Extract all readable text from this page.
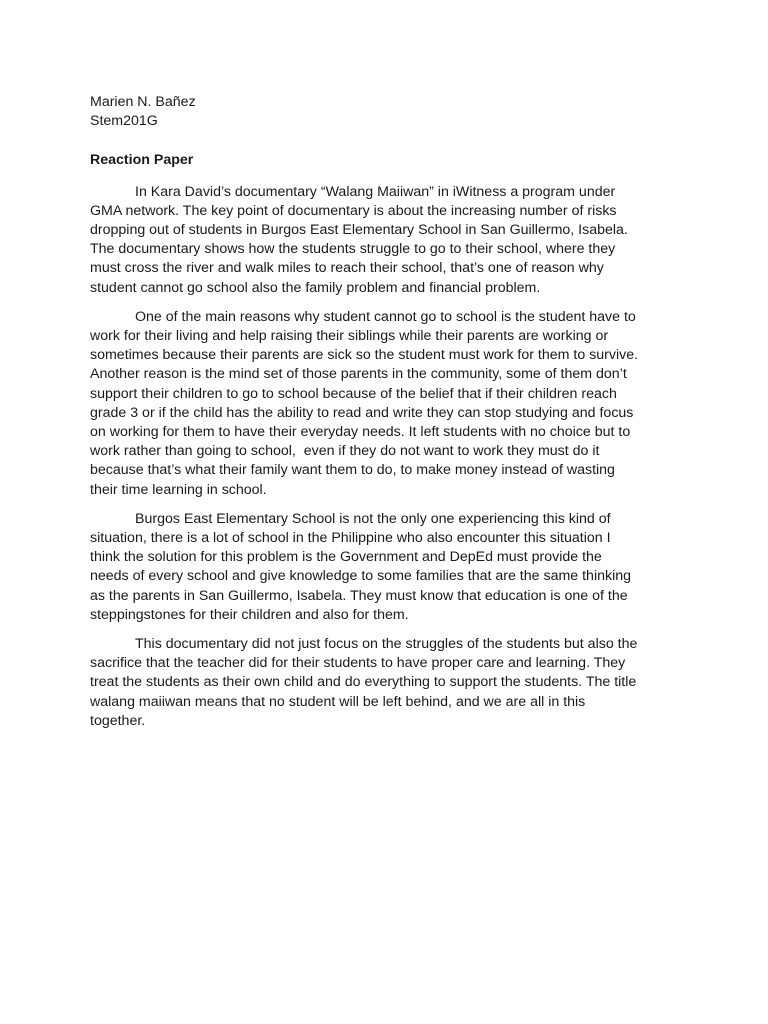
Marien N. Bañez

Stem201G

Reaction Paper

In Kara David’s documentary “Walang Maiiwan” in iWitness a program under
GMA network. The key point of documentary is about the increasing number of risks
dropping out of students in Burgos East Elementary School in San Guillermo, Isabela.
The documentary shows how the students struggle to go to their school, where they
must cross the river and walk miles to reach their school, that’s one of reason why
student cannot go school also the family problem and financial problem.

One of the main reasons why student cannot go to school is the student have to
work for their living and help raising their siblings while their parents are working or
sometimes because their parents are sick so the student must work for them to survive.
Another reason is the mind set of those parents in the community, some of them don’t
support their children to go to school because of the belief that if their children reach
grade 3 or if the child has the ability to read and write they can stop studying and focus
on working for them to have their everyday needs. It left students with no choice but to
work rather than going to school,  even if they do not want to work they must do it
because that’s what their family want them to do, to make money instead of wasting
their time learning in school.

Burgos East Elementary School is not the only one experiencing this kind of
situation, there is a lot of school in the Philippine who also encounter this situation I
think the solution for this problem is the Government and DepEd must provide the
needs of every school and give knowledge to some families that are the same thinking
as the parents in San Guillermo, Isabela. They must know that education is one of the
steppingstones for their children and also for them.

This documentary did not just focus on the struggles of the students but also the
sacrifice that the teacher did for their students to have proper care and learning. They
treat the students as their own child and do everything to support the students. The title
walang maiiwan means that no student will be left behind, and we are all in this
together.
